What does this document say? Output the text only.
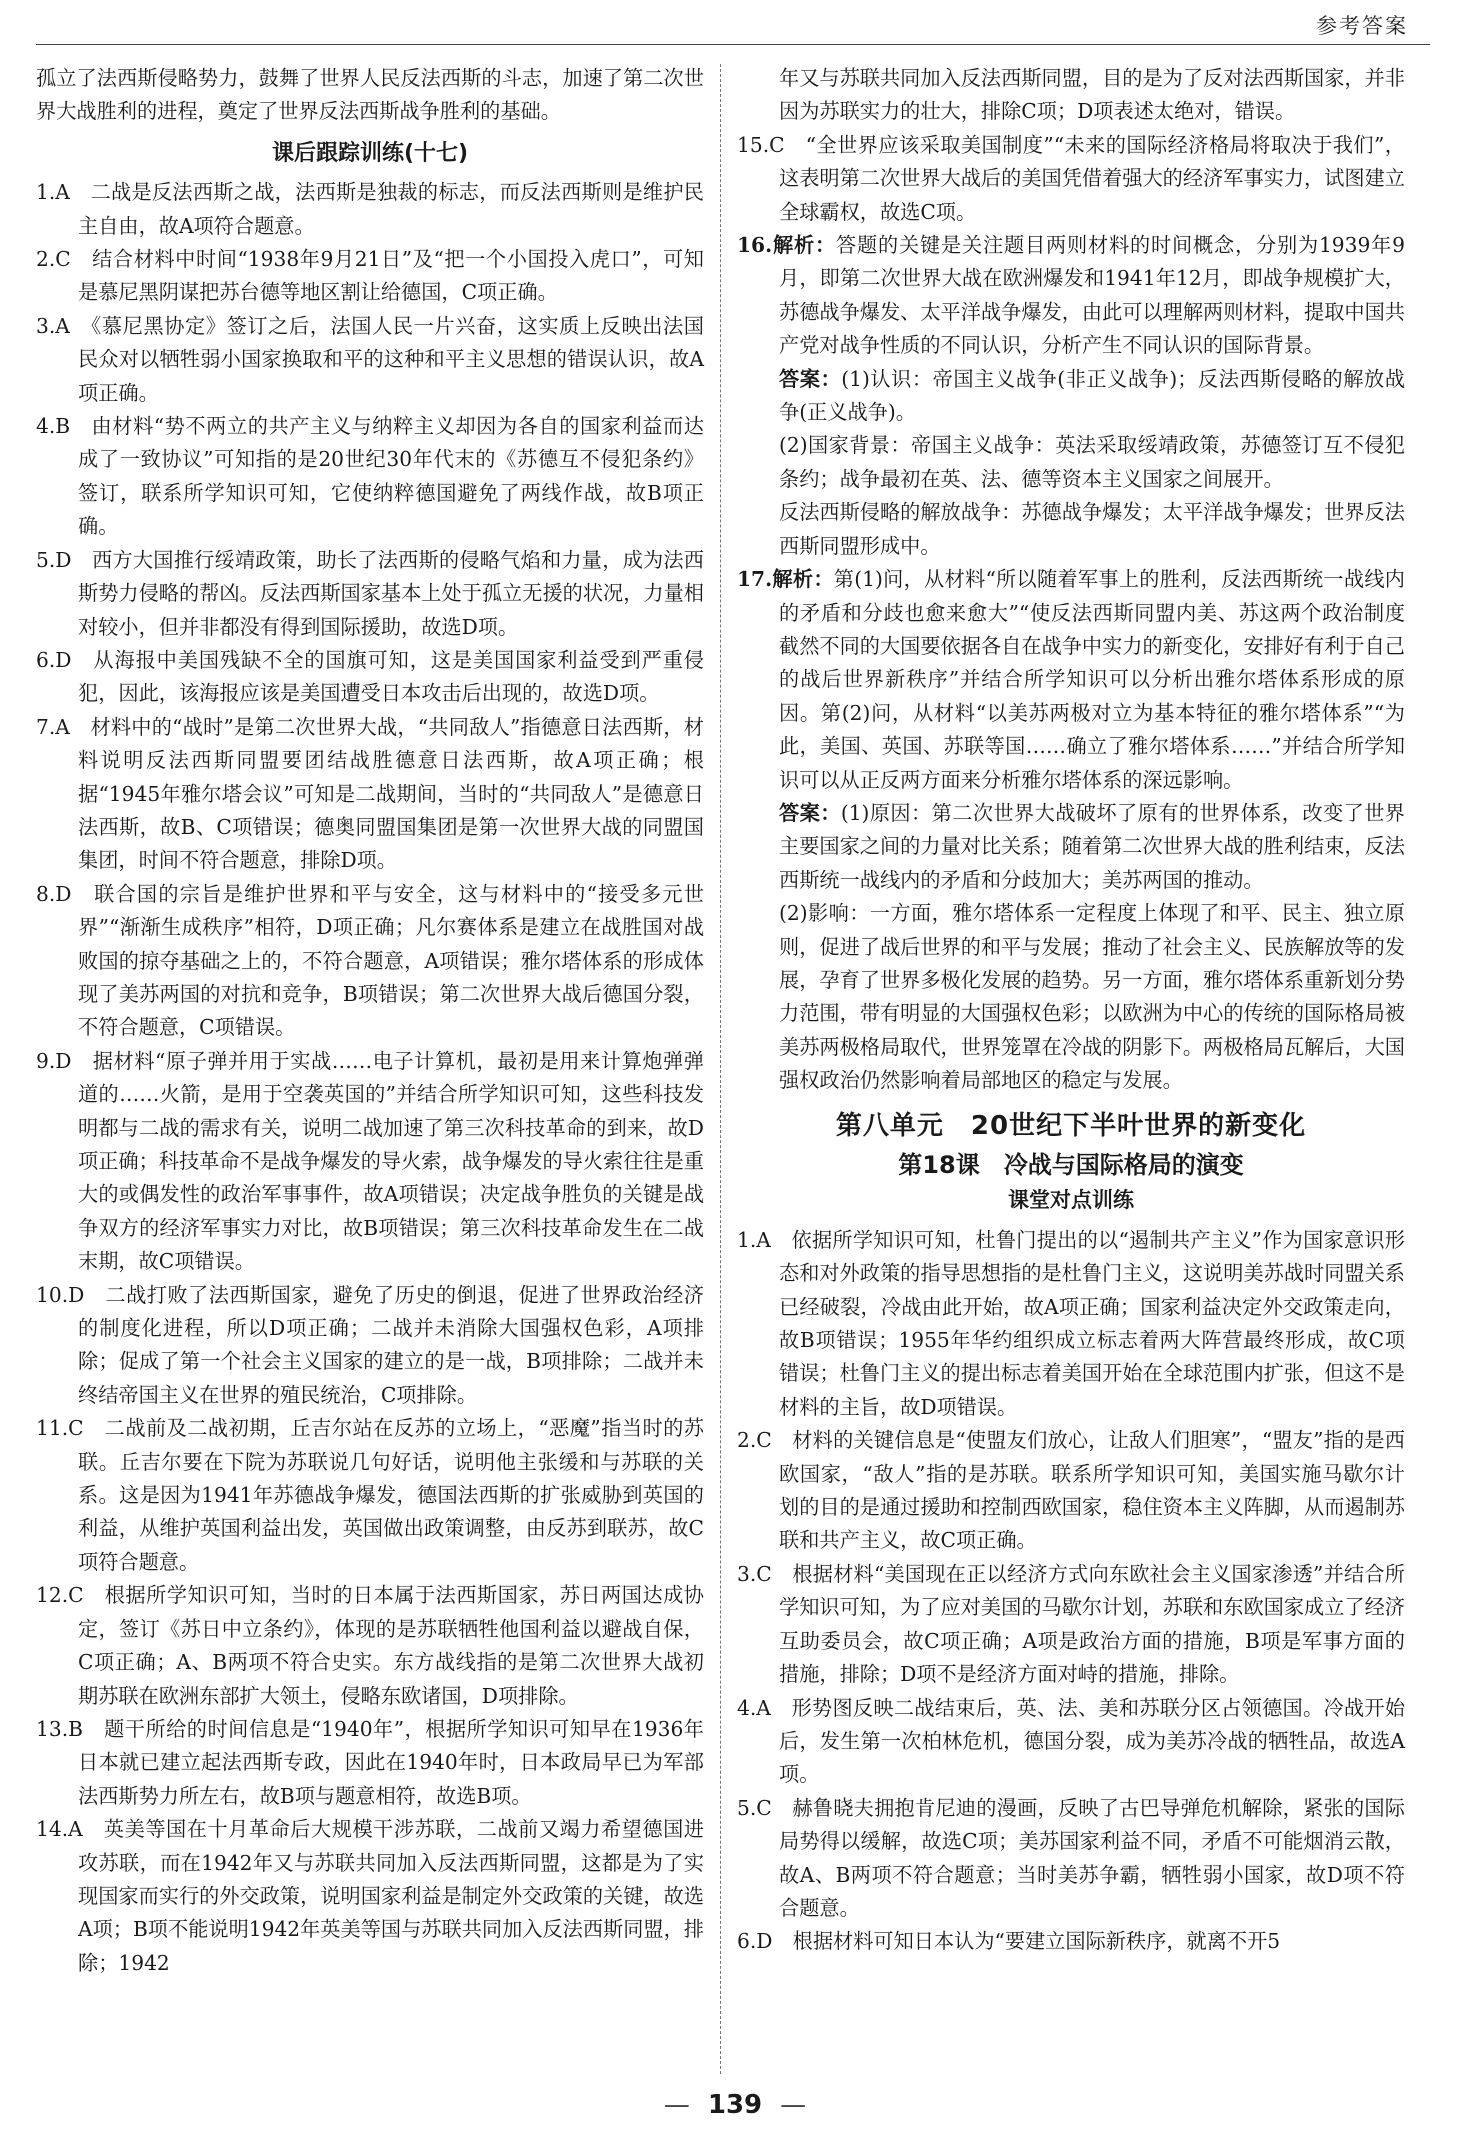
参考答案

孤立了法西斯侵略势力，鼓舞了世界人民反法西斯的斗志，加速了第二次世界大战胜利的进程，奠定了世界反法西斯战争胜利的基础。

课后跟踪训练(十七)

1.A　二战是反法西斯之战，法西斯是独裁的标志，而反法西斯则是维护民主自由，故A项符合题意。

2.C　结合材料中时间“1938年9月21日”及“把一个小国投入虎口”，可知是慕尼黑阴谋把苏台德等地区割让给德国，C项正确。

3.A　《慕尼黑协定》签订之后，法国人民一片兴奋，这实质上反映出法国民众对以牺牲弱小国家换取和平的这种和平主义思想的错误认识，故A项正确。

4.B　由材料“势不两立的共产主义与纳粹主义却因为各自的国家利益而达成了一致协议”可知指的是20世纪30年代末的《苏德互不侵犯条约》签订，联系所学知识可知，它使纳粹德国避免了两线作战，故B项正确。

5.D　西方大国推行绥靖政策，助长了法西斯的侵略气焰和力量，成为法西斯势力侵略的帮凶。反法西斯国家基本上处于孤立无援的状况，力量相对较小，但并非都没有得到国际援助，故选D项。

6.D　从海报中美国残缺不全的国旗可知，这是美国国家利益受到严重侵犯，因此，该海报应该是美国遭受日本攻击后出现的，故选D项。

7.A　材料中的“战时”是第二次世界大战，“共同敌人”指德意日法西斯，材料说明反法西斯同盟要团结战胜德意日法西斯，故A项正确；根据“1945年雅尔塔会议”可知是二战期间，当时的“共同敌人”是德意日法西斯，故B、C项错误；德奥同盟国集团是第一次世界大战的同盟国集团，时间不符合题意，排除D项。

8.D　联合国的宗旨是维护世界和平与安全，这与材料中的“接受多元世界”“渐渐生成秩序”相符，D项正确；凡尔赛体系是建立在战胜国对战败国的掠夺基础之上的，不符合题意，A项错误；雅尔塔体系的形成体现了美苏两国的对抗和竞争，B项错误；第二次世界大战后德国分裂，不符合题意，C项错误。

9.D　据材料“原子弹并用于实战……电子计算机，最初是用来计算炮弹弹道的……火箭，是用于空袭英国的”并结合所学知识可知，这些科技发明都与二战的需求有关，说明二战加速了第三次科技革命的到来，故D项正确；科技革命不是战争爆发的导火索，战争爆发的导火索往往是重大的或偶发性的政治军事事件，故A项错误；决定战争胜负的关键是战争双方的经济军事实力对比，故B项错误；第三次科技革命发生在二战末期，故C项错误。

10.D　二战打败了法西斯国家，避免了历史的倒退，促进了世界政治经济的制度化进程，所以D项正确；二战并未消除大国强权色彩，A项排除；促成了第一个社会主义国家的建立的是一战，B项排除；二战并未终结帝国主义在世界的殖民统治，C项排除。

11.C　二战前及二战初期，丘吉尔站在反苏的立场上，“恶魔”指当时的苏联。丘吉尔要在下院为苏联说几句好话，说明他主张缓和与苏联的关系。这是因为1941年苏德战争爆发，德国法西斯的扩张威胁到英国的利益，从维护英国利益出发，英国做出政策调整，由反苏到联苏，故C项符合题意。

12.C　根据所学知识可知，当时的日本属于法西斯国家，苏日两国达成协定，签订《苏日中立条约》，体现的是苏联牺牲他国利益以避战自保，C项正确；A、B两项不符合史实。东方战线指的是第二次世界大战初期苏联在欧洲东部扩大领土，侵略东欧诸国，D项排除。

13.B　题干所给的时间信息是“1940年”，根据所学知识可知早在1936年日本就已建立起法西斯专政，因此在1940年时，日本政局早已为军部法西斯势力所左右，故B项与题意相符，故选B项。

14.A　英美等国在十月革命后大规模干涉苏联，二战前又竭力希望德国进攻苏联，而在1942年又与苏联共同加入反法西斯同盟，这都是为了实现国家而实行的外交政策，说明国家利益是制定外交政策的关键，故选A项；B项不能说明1942年英美等国与苏联共同加入反法西斯同盟，排除；1942

年又与苏联共同加入反法西斯同盟，目的是为了反对法西斯国家，并非因为苏联实力的壮大，排除C项；D项表述太绝对，错误。

15.C　“全世界应该采取美国制度”“未来的国际经济格局将取决于我们”，这表明第二次世界大战后的美国凭借着强大的经济军事实力，试图建立全球霸权，故选C项。

16.解析：答题的关键是关注题目两则材料的时间概念，分别为1939年9月，即第二次世界大战在欧洲爆发和1941年12月，即战争规模扩大，苏德战争爆发、太平洋战争爆发，由此可以理解两则材料，提取中国共产党对战争性质的不同认识，分析产生不同认识的国际背景。

答案：(1)认识：帝国主义战争(非正义战争)；反法西斯侵略的解放战争(正义战争)。

(2)国家背景：帝国主义战争：英法采取绥靖政策，苏德签订互不侵犯条约；战争最初在英、法、德等资本主义国家之间展开。

反法西斯侵略的解放战争：苏德战争爆发；太平洋战争爆发；世界反法西斯同盟形成中。

17.解析：第(1)问，从材料“所以随着军事上的胜利，反法西斯统一战线内的矛盾和分歧也愈来愈大”“使反法西斯同盟内美、苏这两个政治制度截然不同的大国要依据各自在战争中实力的新变化，安排好有利于自己的战后世界新秩序”并结合所学知识可以分析出雅尔塔体系形成的原因。第(2)问，从材料“以美苏两极对立为基本特征的雅尔塔体系”“为此，美国、英国、苏联等国……确立了雅尔塔体系……”并结合所学知识可以从正反两方面来分析雅尔塔体系的深远影响。

答案：(1)原因：第二次世界大战破坏了原有的世界体系，改变了世界主要国家之间的力量对比关系；随着第二次世界大战的胜利结束，反法西斯统一战线内的矛盾和分歧加大；美苏两国的推动。

(2)影响：一方面，雅尔塔体系一定程度上体现了和平、民主、独立原则，促进了战后世界的和平与发展；推动了社会主义、民族解放等的发展，孕育了世界多极化发展的趋势。另一方面，雅尔塔体系重新划分势力范围，带有明显的大国强权色彩；以欧洲为中心的传统的国际格局被美苏两极格局取代，世界笼罩在冷战的阴影下。两极格局瓦解后，大国强权政治仍然影响着局部地区的稳定与发展。

第八单元　20世纪下半叶世界的新变化
第18课　冷战与国际格局的演变
课堂对点训练

1.A　依据所学知识可知，杜鲁门提出的以“遏制共产主义”作为国家意识形态和对外政策的指导思想指的是杜鲁门主义，这说明美苏战时同盟关系已经破裂，冷战由此开始，故A项正确；国家利益决定外交政策走向，故B项错误；1955年华约组织成立标志着两大阵营最终形成，故C项错误；杜鲁门主义的提出标志着美国开始在全球范围内扩张，但这不是材料的主旨，故D项错误。

2.C　材料的关键信息是“使盟友们放心，让敌人们胆寒”，“盟友”指的是西欧国家，“敌人”指的是苏联。联系所学知识可知，美国实施马歇尔计划的目的是通过援助和控制西欧国家，稳住资本主义阵脚，从而遏制苏联和共产主义，故C项正确。

3.C　根据材料“美国现在正以经济方式向东欧社会主义国家渗透”并结合所学知识可知，为了应对美国的马歇尔计划，苏联和东欧国家成立了经济互助委员会，故C项正确；A项是政治方面的措施，B项是军事方面的措施，排除；D项不是经济方面对峙的措施，排除。

4.A　形势图反映二战结束后，英、法、美和苏联分区占领德国。冷战开始后，发生第一次柏林危机，德国分裂，成为美苏冷战的牺牲品，故选A项。

5.C　赫鲁晓夫拥抱肯尼迪的漫画，反映了古巴导弹危机解除，紧张的国际局势得以缓解，故选C项；美苏国家利益不同，矛盾不可能烟消云散，故A、B两项不符合题意；当时美苏争霸，牺牲弱小国家，故D项不符合题意。

6.D　根据材料可知日本认为“要建立国际新秩序，就离不开5

— 139 —
